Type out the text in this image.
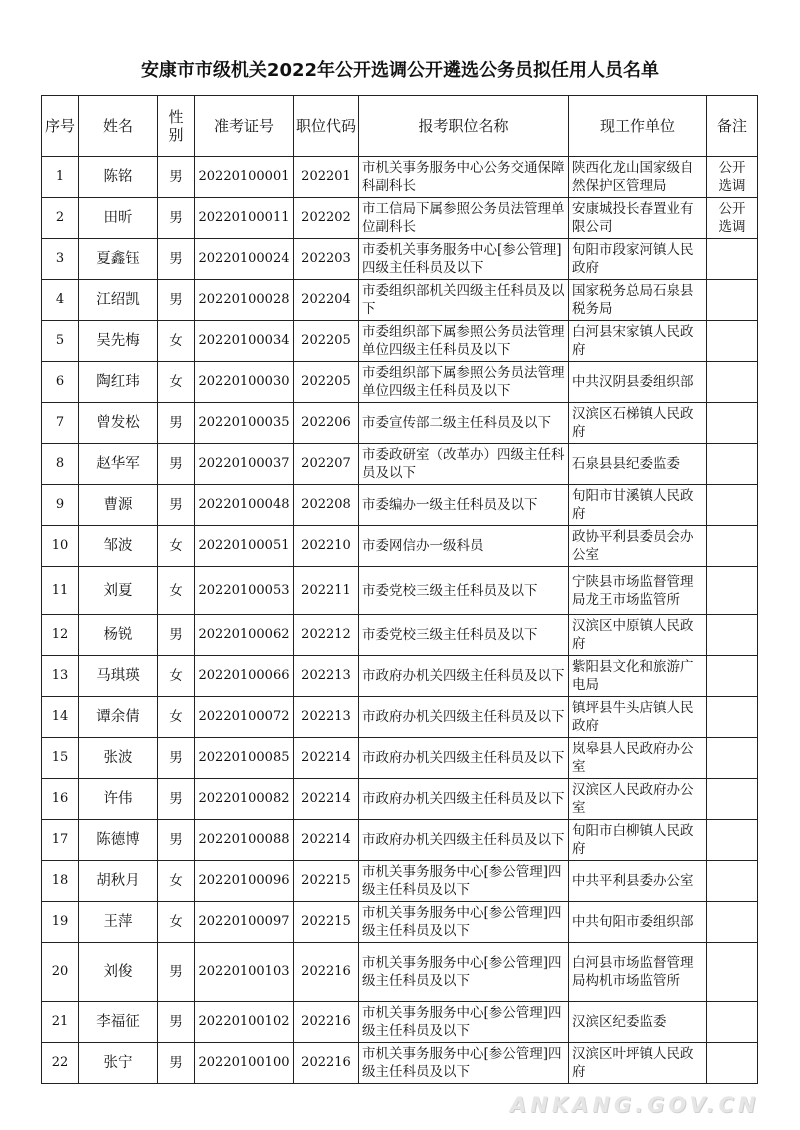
安康市市级机关2022年公开选调公开遴选公务员拟任用人员名单
序号	姓名	性别	准考证号	职位代码	报考职位名称	现工作单位	备注
1	陈铭	男	20220100001	202201	市机关事务服务中心公务交通保障科副科长	陕西化龙山国家级自然保护区管理局	公开选调
2	田昕	男	20220100011	202202	市工信局下属参照公务员法管理单位副科长	安康城投长春置业有限公司	公开选调
3	夏鑫钰	男	20220100024	202203	市委机关事务服务中心[参公管理]四级主任科员及以下	旬阳市段家河镇人民政府	
4	江绍凯	男	20220100028	202204	市委组织部机关四级主任科员及以下	国家税务总局石泉县税务局	
5	吴先梅	女	20220100034	202205	市委组织部下属参照公务员法管理单位四级主任科员及以下	白河县宋家镇人民政府	
6	陶红玮	女	20220100030	202205	市委组织部下属参照公务员法管理单位四级主任科员及以下	中共汉阴县委组织部	
7	曾发松	男	20220100035	202206	市委宣传部二级主任科员及以下	汉滨区石梯镇人民政府	
8	赵华军	男	20220100037	202207	市委政研室（改革办）四级主任科员及以下	石泉县县纪委监委	
9	曹源	男	20220100048	202208	市委编办一级主任科员及以下	旬阳市甘溪镇人民政府	
10	邹波	女	20220100051	202210	市委网信办一级科员	政协平利县委员会办公室	
11	刘夏	女	20220100053	202211	市委党校三级主任科员及以下	宁陕县市场监督管理局龙王市场监管所	
12	杨锐	男	20220100062	202212	市委党校三级主任科员及以下	汉滨区中原镇人民政府	
13	马琪瑛	女	20220100066	202213	市政府办机关四级主任科员及以下	紫阳县文化和旅游广电局	
14	谭余倩	女	20220100072	202213	市政府办机关四级主任科员及以下	镇坪县牛头店镇人民政府	
15	张波	男	20220100085	202214	市政府办机关四级主任科员及以下	岚皋县人民政府办公室	
16	许伟	男	20220100082	202214	市政府办机关四级主任科员及以下	汉滨区人民政府办公室	
17	陈德博	男	20220100088	202214	市政府办机关四级主任科员及以下	旬阳市白柳镇人民政府	
18	胡秋月	女	20220100096	202215	市机关事务服务中心[参公管理]四级主任科员及以下	中共平利县委办公室	
19	王萍	女	20220100097	202215	市机关事务服务中心[参公管理]四级主任科员及以下	中共旬阳市委组织部	
20	刘俊	男	20220100103	202216	市机关事务服务中心[参公管理]四级主任科员及以下	白河县市场监督管理局构机市场监管所	
21	李福征	男	20220100102	202216	市机关事务服务中心[参公管理]四级主任科员及以下	汉滨区纪委监委	
22	张宁	男	20220100100	202216	市机关事务服务中心[参公管理]四级主任科员及以下	汉滨区叶坪镇人民政府	
ANKANG.GOV.CN
